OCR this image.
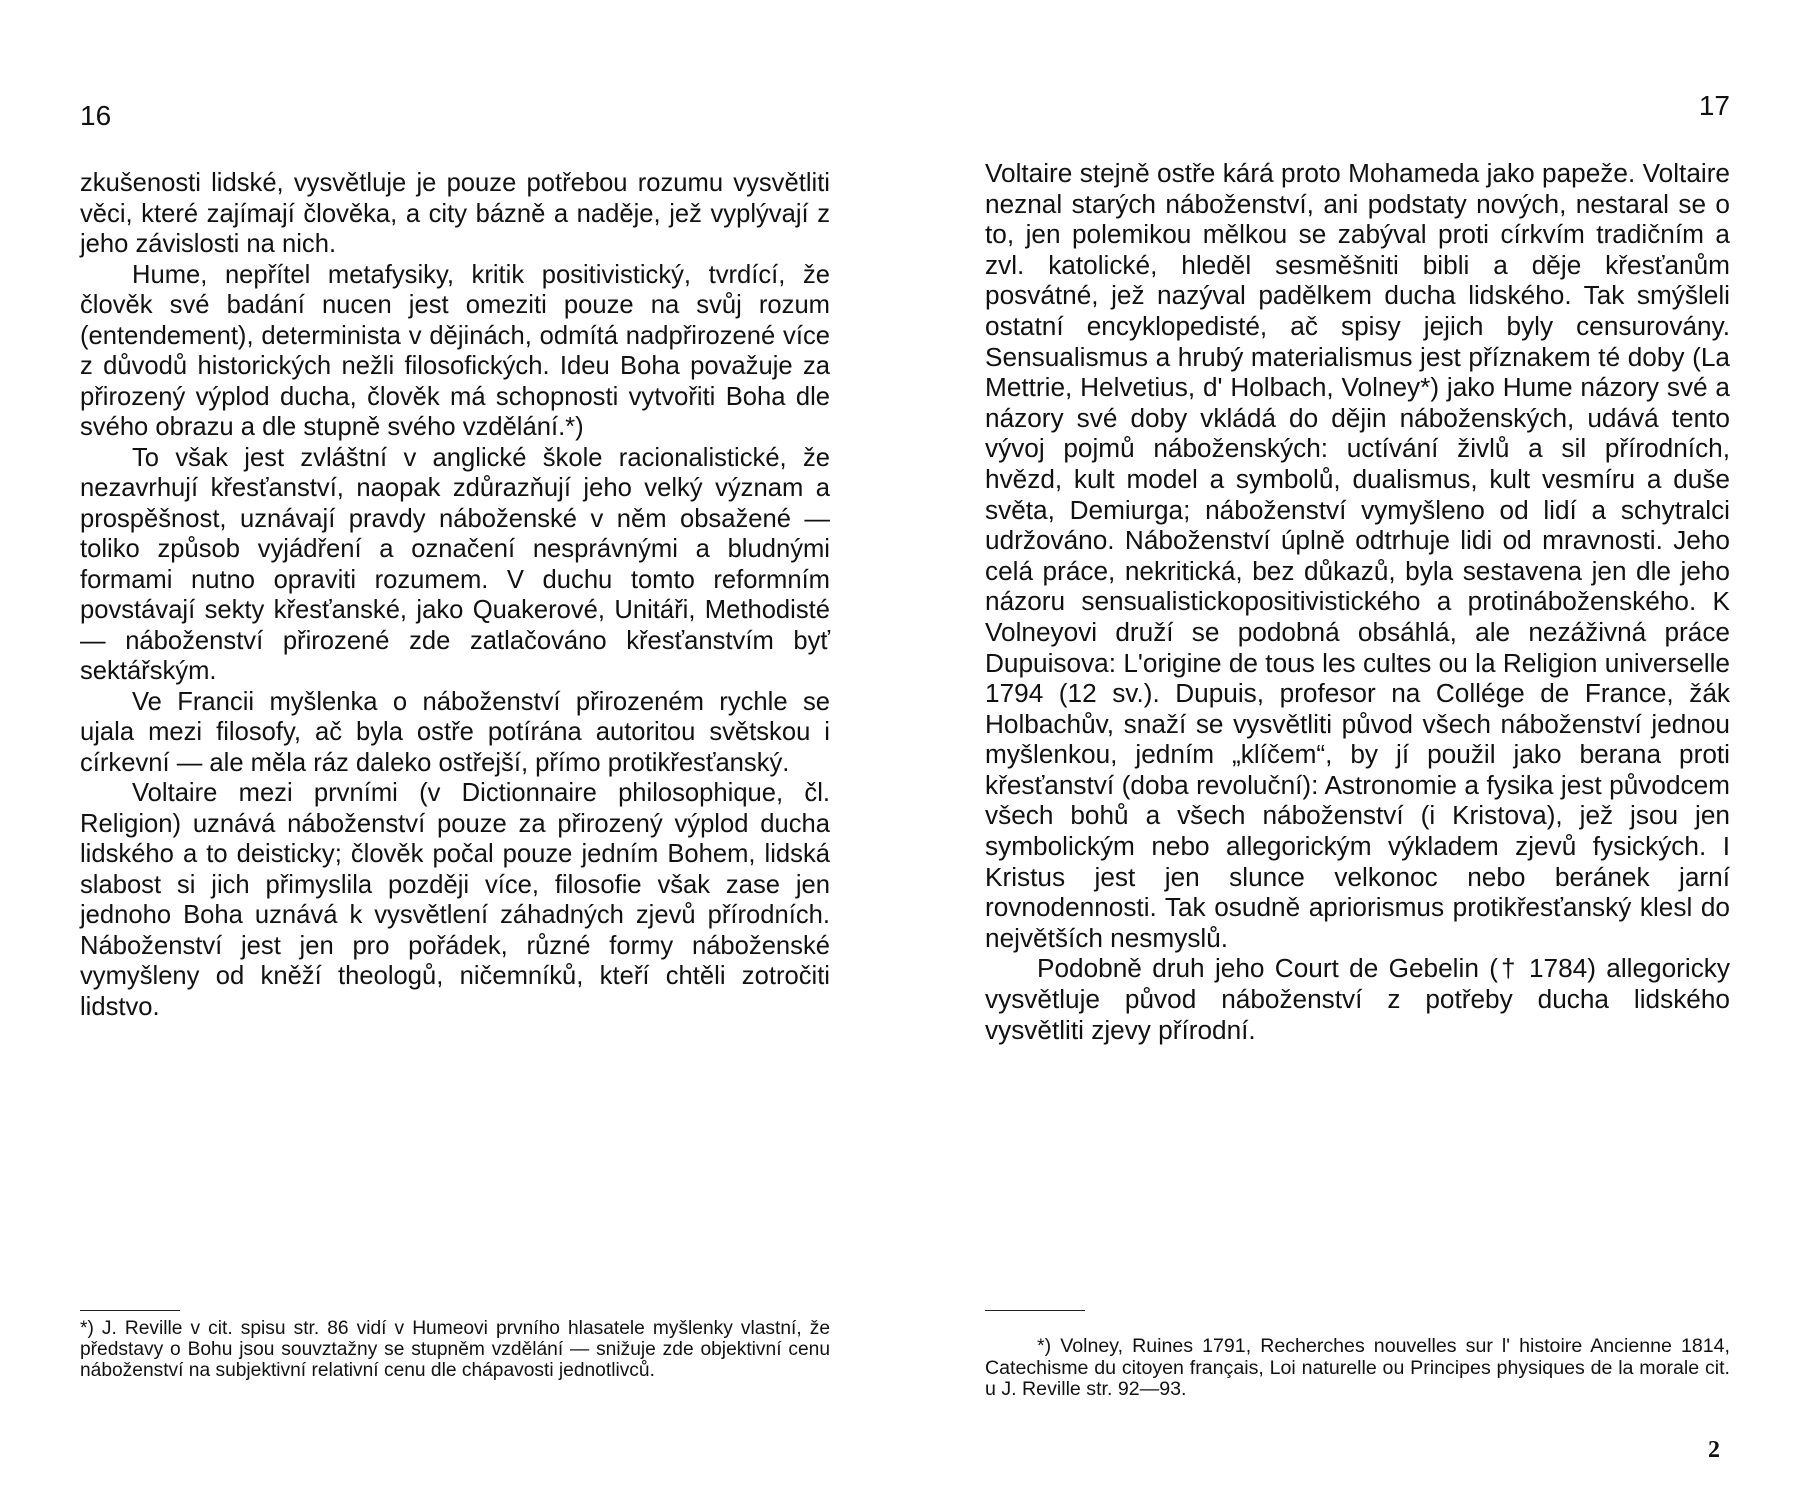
16

zkušenosti lidské, vysvětluje je pouze potřebou rozumu vysvětliti věci, které zajímají člověka, a city bázně a naděje, jež vyplývají z jeho závislosti na nich.

Hume, nepřítel metafysiky, kritik positivistický, tvrdící, že člověk své badání nucen jest omeziti pouze na svůj rozum (entendement), determinista v dějinách, odmítá nadpřirozené více z důvodů historických nežli filosofických. Ideu Boha považuje za přirozený výplod ducha, člověk má schopnosti vytvořiti Boha dle svého obrazu a dle stupně svého vzdělání.*)

To však jest zvláštní v anglické škole racionalistické, že nezavrhují křesťanství, naopak zdůrazňují jeho velký význam a prospěšnost, uznávají pravdy náboženské v něm obsažené — toliko způsob vyjádření a označení nesprávnými a bludnými formami nutno opraviti rozumem. V duchu tomto reformním povstávají sekty křesťanské, jako Quakerové, Unitáři, Methodisté — náboženství přirozené zde zatlačováno křesťanstvím byť sektářským.

Ve Francii myšlenka o náboženství přirozeném rychle se ujala mezi filosofy, ač byla ostře potírána autoritou světskou i církevní — ale měla ráz daleko ostřejší, přímo protikřesťanský.

Voltaire mezi prvními (v Dictionnaire philosophique, čl. Religion) uznává náboženství pouze za přirozený výplod ducha lidského a to deisticky; člověk počal pouze jedním Bohem, lidská slabost si jich přimyslila později více, filosofie však zase jen jednoho Boha uznává k vysvětlení záhadných zjevů přírodních. Náboženství jest jen pro pořádek, různé formy náboženské vymyšleny od kněží theologů, ničemníků, kteří chtěli zotročiti lidstvo.

*) J. Reville v cit. spisu str. 86 vidí v Humeovi prvního hlasatele myšlenky vlastní, že představy o Bohu jsou souvztažny se stupněm vzdělání — snižuje zde objektivní cenu náboženství na subjektivní relativní cenu dle chápavosti jednotlivců.
17

Voltaire stejně ostře kárá proto Mohameda jako papeže. Voltaire neznal starých náboženství, ani podstaty nových, nestaral se o to, jen polemikou mělkou se zabýval proti církvím tradičním a zvl. katolické, hleděl sesměšniti bibli a děje křesťanům posvátné, jež nazýval padělkem ducha lidského. Tak smýšleli ostatní encyklopedisté, ač spisy jejich byly censurovány. Sensualismus a hrubý materialismus jest příznakem té doby (La Mettrie, Helvetius, d' Holbach, Volney*) jako Hume názory své a názory své doby vkládá do dějin náboženských, udává tento vývoj pojmů náboženských: uctívání živlů a sil přírodních, hvězd, kult model a symbolů, dualismus, kult vesmíru a duše světa, Demiurga; náboženství vymyšleno od lidí a schytralci udržováno. Náboženství úplně odtrhuje lidi od mravnosti. Jeho celá práce, nekritická, bez důkazů, byla sestavena jen dle jeho názoru sensualistickopositivistického a protináboženského. K Volneyovi druží se podobná obsáhlá, ale nezáživná práce Dupuisova: L'origine de tous les cultes ou la Religion universelle 1794 (12 sv.). Dupuis, profesor na Collége de France, žák Holbachův, snaží se vysvětliti původ všech náboženství jednou myšlenkou, jedním „klíčem“, by jí použil jako berana proti křesťanství (doba revoluční): Astronomie a fysika jest původcem všech bohů a všech náboženství (i Kristova), jež jsou jen symbolickým nebo allegorickým výkladem zjevů fysických. I Kristus jest jen slunce velkonoc nebo beránek jarní rovnodennosti. Tak osudně apriorismus protikřesťanský klesl do největších nesmyslů.

Podobně druh jeho Court de Gebelin († 1784) allegoricky vysvětluje původ náboženství z potřeby ducha lidského vysvětliti zjevy přírodní.

*) Volney, Ruines 1791, Recherches nouvelles sur l' histoire Ancienne 1814, Catechisme du citoyen français, Loi naturelle ou Principes physiques de la morale cit. u J. Reville str. 92—93.
2
